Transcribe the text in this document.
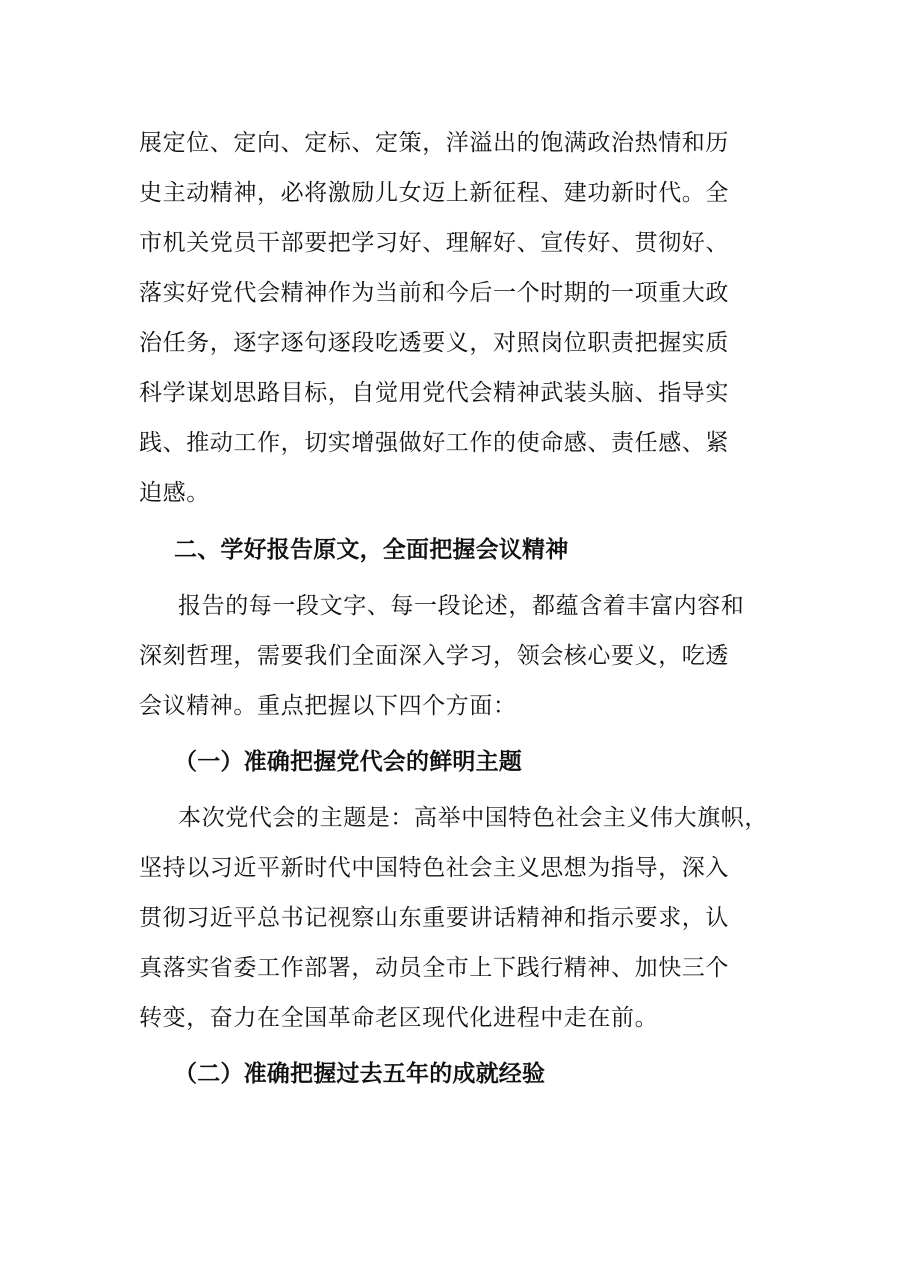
展定位、定向、定标、定策，洋溢出的饱满政治热情和历
史主动精神，必将激励儿女迈上新征程、建功新时代。全
市机关党员干部要把学习好、理解好、宣传好、贯彻好、
落实好党代会精神作为当前和今后一个时期的一项重大政
治任务，逐字逐句逐段吃透要义，对照岗位职责把握实质
科学谋划思路目标，自觉用党代会精神武装头脑、指导实
践、推动工作，切实增强做好工作的使命感、责任感、紧
迫感。
二、学好报告原文，全面把握会议精神
报告的每一段文字、每一段论述，都蕴含着丰富内容和
深刻哲理，需要我们全面深入学习，领会核心要义，吃透
会议精神。重点把握以下四个方面：
（一）准确把握党代会的鲜明主题
本次党代会的主题是：高举中国特色社会主义伟大旗帜，
坚持以习近平新时代中国特色社会主义思想为指导，深入
贯彻习近平总书记视察山东重要讲话精神和指示要求，认
真落实省委工作部署，动员全市上下践行精神、加快三个
转变，奋力在全国革命老区现代化进程中走在前。
（二）准确把握过去五年的成就经验
